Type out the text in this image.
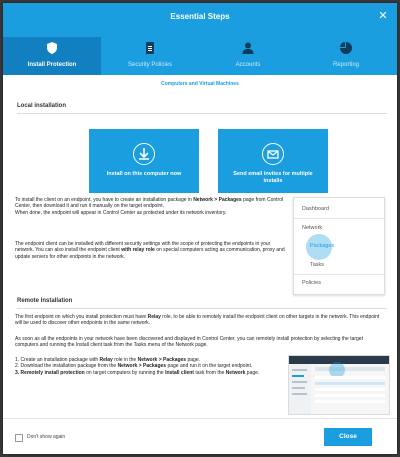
Essential Steps	✕
Install Protection	Security Policies	Accounts	Reporting
Computers and Virtual Machines
Local installation
Install on this computer now	Send email invites for multiple installs
To install the client on an endpoint, you have to create an installation package in Network > Packages page from Control Center, then download it and run it manually on the target endpoint.
When done, the endpoint will appear in Control Center as protected under its network inventory.
The endpoint client can be installed with different security settings with the scope of protecting the endpoints in your network. You can also install the endpoint client with relay role on special computers acting as communication, proxy and update servers for other endpoints in the network.
Dashboard
Network
Packages
Tasks
Policies
Remote Installation
The first endpoint on which you install protection must have Relay role, to be able to remotely install the endpoint client on other targets in the network. This endpoint will be used to discover other endpoints in the same network.
As soon as all the endpoints in your network have been discovered and displayed in Control Center, you can remotely install protection by selecting the target computers and running the Install client task from the Tasks menu of the Network page.
1. Create an installation package with Relay role in the Network > Packages page.
2. Download the installation package from the Network > Packages page and run it on the target endpoint.
3. Remotely install protection on target computers by running the Install client task from the Network page.
Don't show again	Close
